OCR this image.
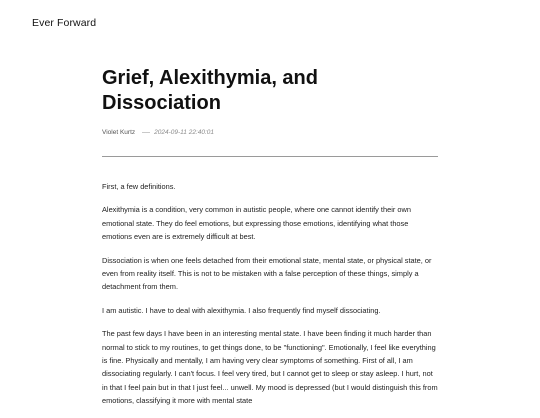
Ever Forward
Grief, Alexithymia, and Dissociation
Violet Kurtz	2024-09-11 22:40:01

First, a few definitions.

Alexithymia is a condition, very common in autistic people, where one cannot identify their own emotional state. They do feel emotions, but expressing those emotions, identifying what those emotions even are is extremely difficult at best.

Dissociation is when one feels detached from their emotional state, mental state, or physical state, or even from reality itself. This is not to be mistaken with a false perception of these things, simply a detachment from them.

I am autistic. I have to deal with alexithymia. I also frequently find myself dissociating.

The past few days I have been in an interesting mental state. I have been finding it much harder than normal to stick to my routines, to get things done, to be "functioning". Emotionally, I feel like everything is fine. Physically and mentally, I am having very clear symptoms of something. First of all, I am dissociating regularly. I can't focus. I feel very tired, but I cannot get to sleep or stay asleep. I hurt, not in that I feel pain but in that I just feel... unwell. My mood is depressed (but I would distinguish this from emotions, classifying it more with mental state
